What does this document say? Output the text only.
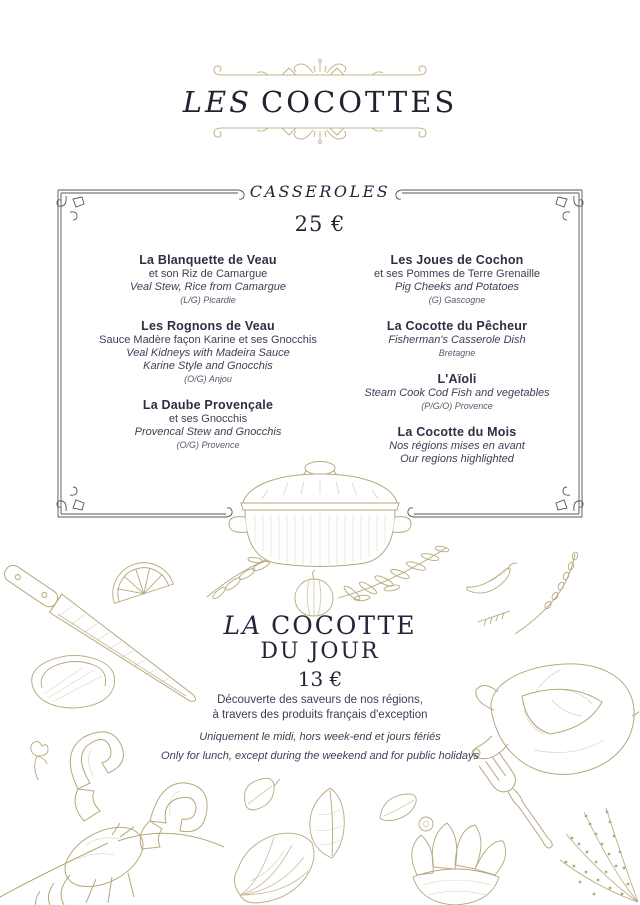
LES COCOTTES
CASSEROLES
25 €
La Blanquette de Veau
et son Riz de Camargue
Veal Stew, Rice from Camargue
(L/G) Picardie
Les Rognons de Veau
Sauce Madère façon Karine et ses Gnocchis
Veal Kidneys with Madeira Sauce
Karine Style and Gnocchis
(O/G) Anjou
La Daube Provençale
et ses Gnocchis
Provencal Stew and Gnocchis
(O/G) Provence
Les Joues de Cochon
et ses Pommes de Terre Grenaille
Pig Cheeks and Potatoes
(G) Gascogne
La Cocotte du Pêcheur
Fisherman's Casserole Dish
Bretagne
L'Aïoli
Steam Cook Cod Fish and vegetables
(P/G/O) Provence
La Cocotte du Mois
Nos régions mises en avant
Our regions highlighted
LA COCOTTE
DU JOUR
13 €

Découverte des saveurs de nos régions,

à travers des produits français d'exception

Uniquement le midi, hors week-end et jours fériés

Only for lunch, except during the weekend and for public holidays
